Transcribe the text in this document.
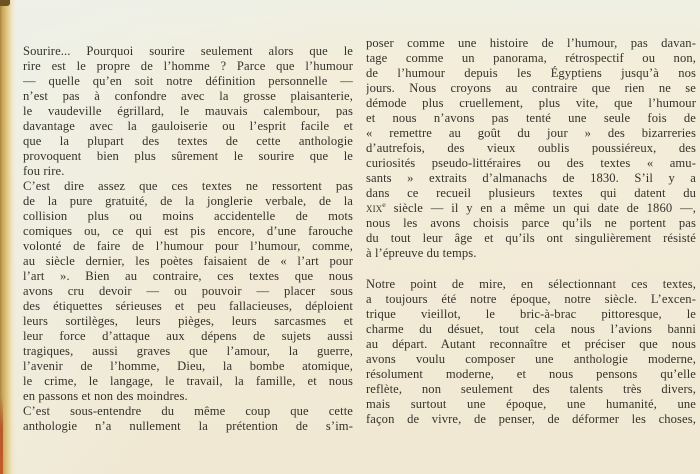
Sourire... Pourquoi sourire seulement alors que le
rire est le propre de l’homme ? Parce que l’humour
— quelle qu’en soit notre définition personnelle —
n’est pas à confondre avec la grosse plaisanterie,
le vaudeville égrillard, le mauvais calembour, pas
davantage avec la gauloiserie ou l’esprit facile et
que la plupart des textes de cette anthologie
provoquent bien plus sûrement le sourire que le
fou rire.
C’est dire assez que ces textes ne ressortent pas
de la pure gratuité, de la jonglerie verbale, de la
collision plus ou moins accidentelle de mots
comiques ou, ce qui est pis encore, d’une farouche
volonté de faire de l’humour pour l’humour, comme,
au siècle dernier, les poètes faisaient de « l’art pour
l’art ». Bien au contraire, ces textes que nous
avons cru devoir — ou pouvoir — placer sous
des étiquettes sérieuses et peu fallacieuses, déploient
leurs sortilèges, leurs pièges, leurs sarcasmes et
leur force d’attaque aux dépens de sujets aussi
tragiques, aussi graves que l’amour, la guerre,
l’avenir de l’homme, Dieu, la bombe atomique,
le crime, le langage, le travail, la famille, et nous
en passons et non des moindres.
C’est sous-entendre du même coup que cette
anthologie n’a nullement la prétention de s’im-
poser comme une histoire de l’humour, pas davan-
tage comme un panorama, rétrospectif ou non,
de l’humour depuis les Égyptiens jusqu’à nos
jours. Nous croyons au contraire que rien ne se
démode plus cruellement, plus vite, que l’humour
et nous n’avons pas tenté une seule fois de
« remettre au goût du jour » des bizarreries
d’autrefois, des vieux oublis poussiéreux, des
curiosités pseudo-littéraires ou des textes « amu-
sants » extraits d’almanachs de 1830. S’il y a
dans ce recueil plusieurs textes qui datent du
xix$^e$ siècle — il y en a même un qui date de 1860 —,
nous les avons choisis parce qu’ils ne portent pas
du tout leur âge et qu’ils ont singulièrement résisté
à l’épreuve du temps.

Notre point de mire, en sélectionnant ces textes,
a toujours été notre époque, notre siècle. L’excen-
trique vieillot, le bric-à-brac pittoresque, le
charme du désuet, tout cela nous l’avions banni
au départ. Autant reconnaître et préciser que nous
avons voulu composer une anthologie moderne,
résolument moderne, et nous pensons qu’elle
reflète, non seulement des talents très divers,
mais surtout une époque, une humanité, une
façon de vivre, de penser, de déformer les choses,
